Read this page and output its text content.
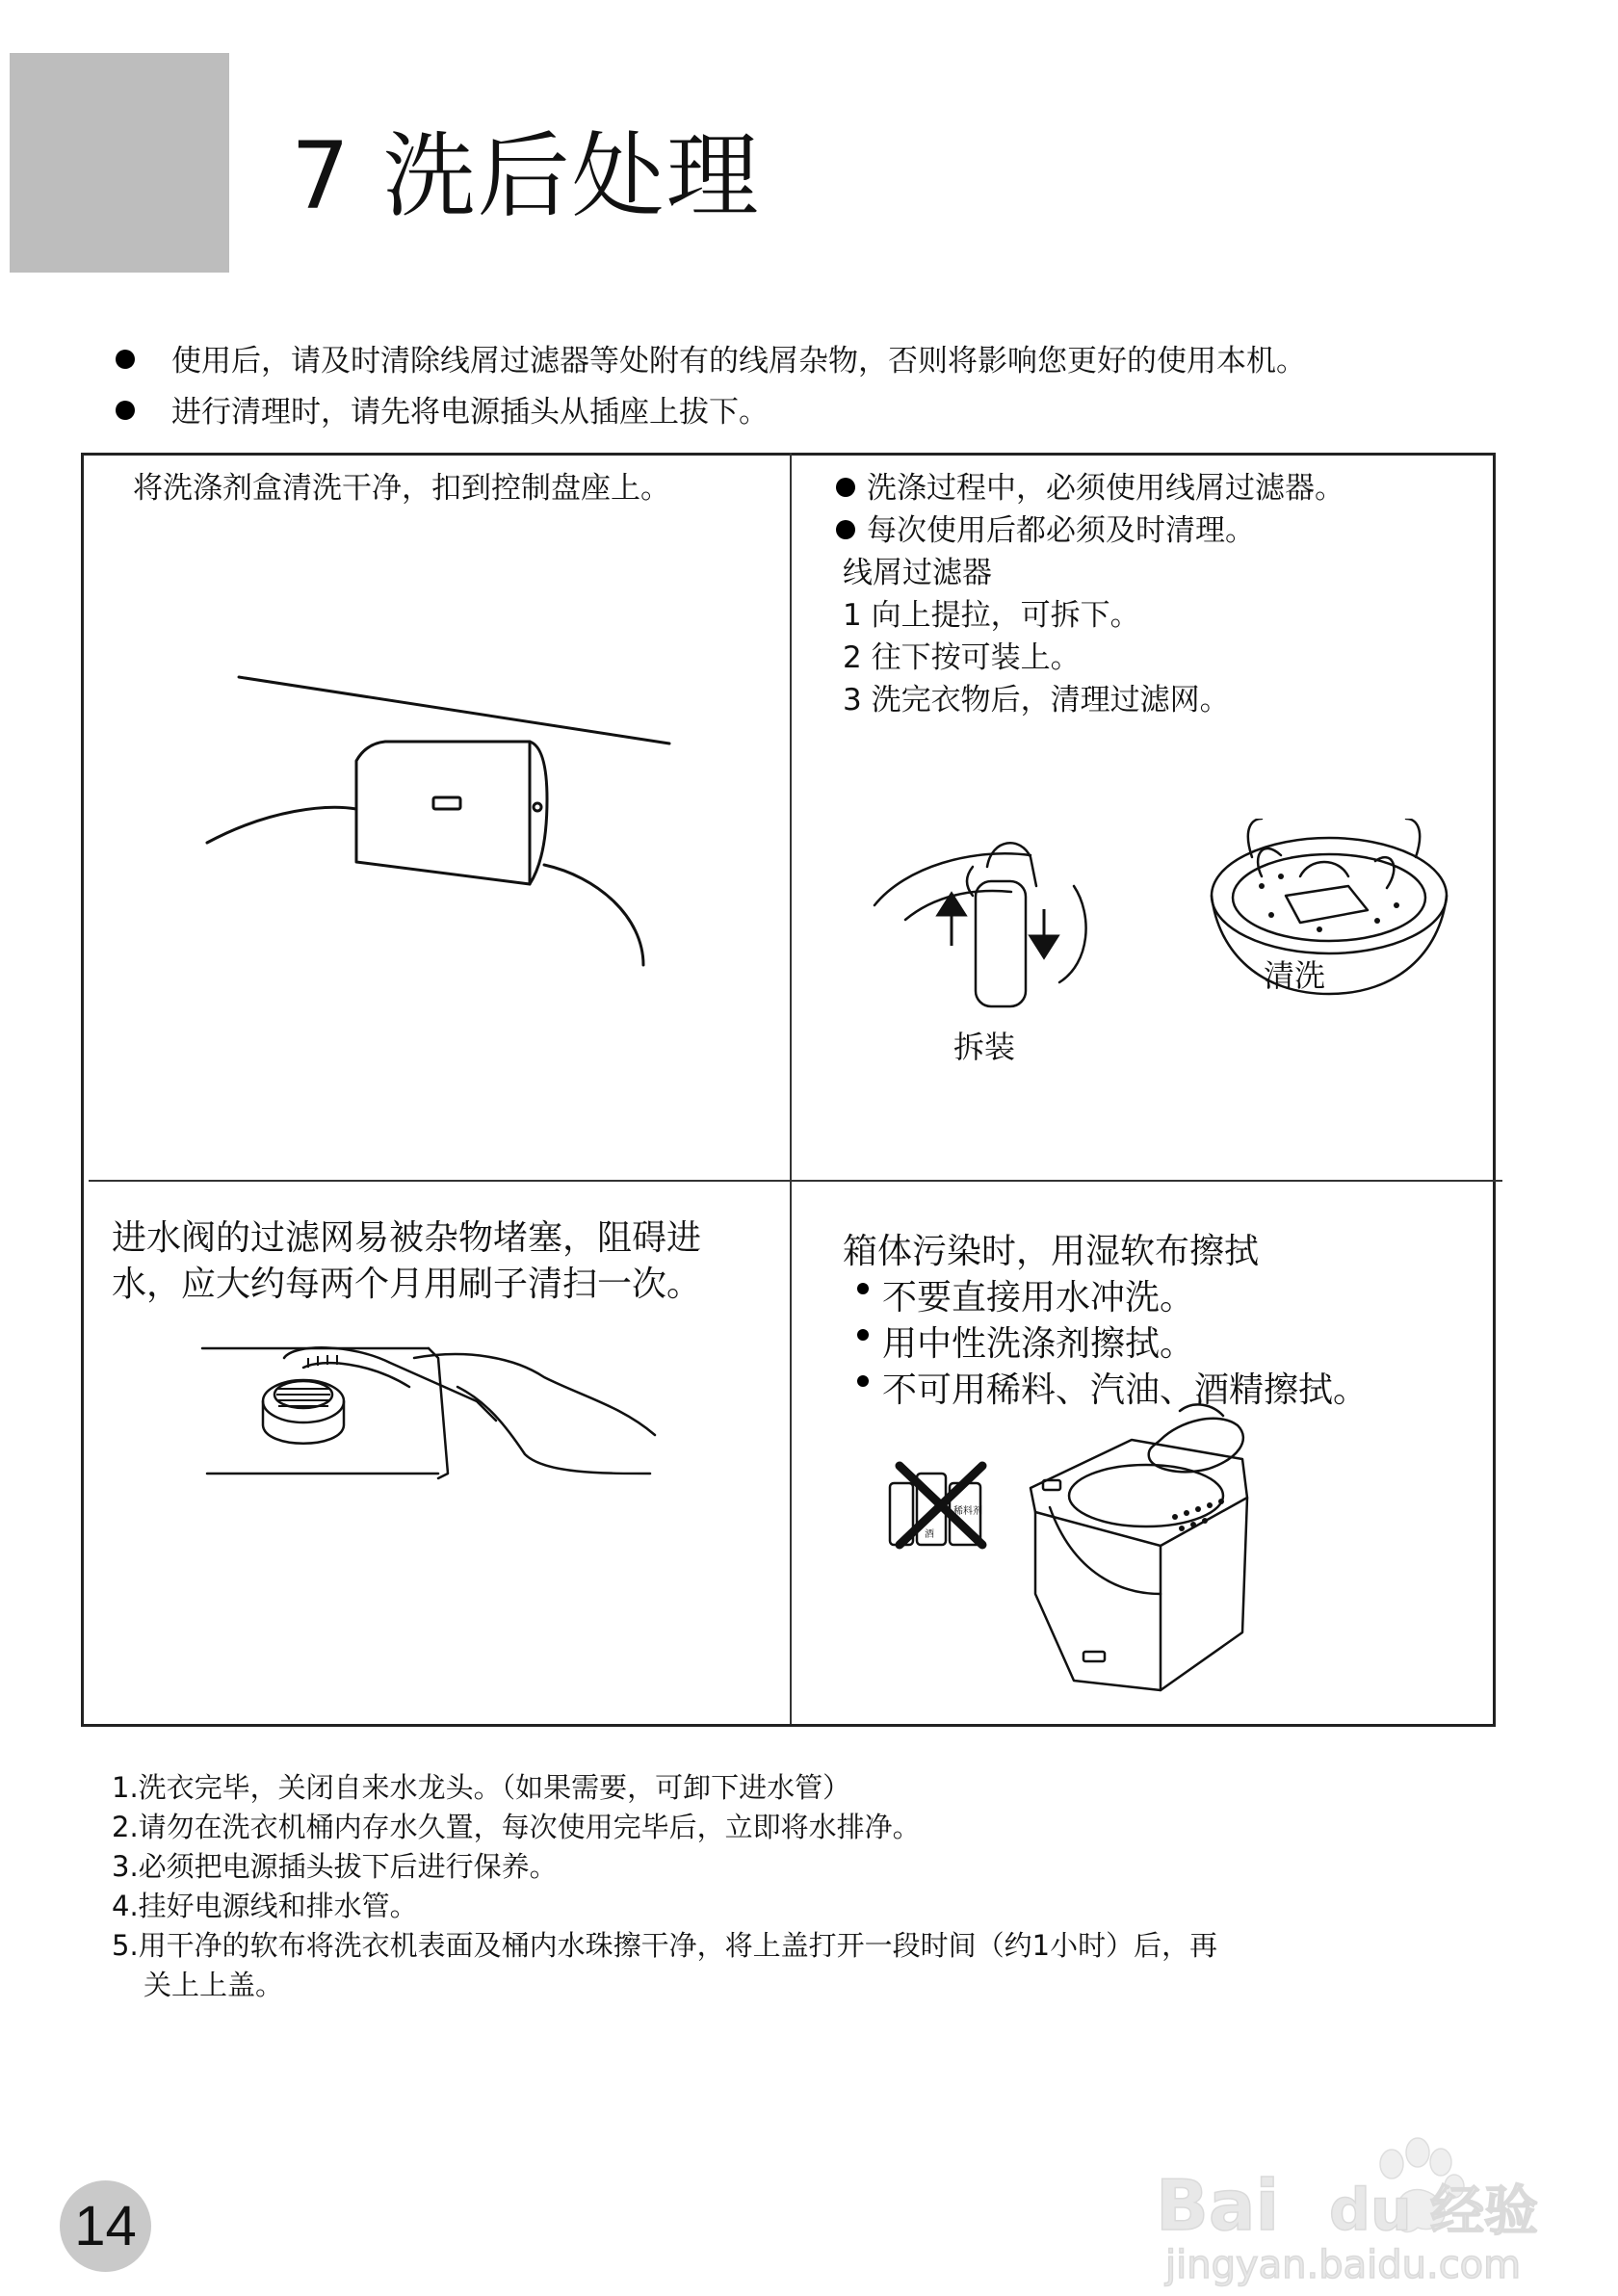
7 洗后处理
使用后，请及时清除线屑过滤器等处附有的线屑杂物，否则将影响您更好的使用本机。
进行清理时，请先将电源插头从插座上拔下。
将洗涤剂盒清洗干净，扣到控制盘座上。	洗涤过程中，必须使用线屑过滤器。
每次使用后都必须及时清理。
线屑过滤器
1 向上提拉，可拆下。
2 往下按可装上。
3 洗完衣物后，清理过滤网。
拆装
清洗
进水阀的过滤网易被杂物堵塞，阻碍进
水，应大约每两个月用刷子清扫一次。
箱体污染时，用湿软布擦拭
不要直接用水冲洗。
用中性洗涤剂擦拭。
不可用稀料、汽油、酒精擦拭。
稀料剂
酒
1.洗衣完毕，关闭自来水龙头。（如果需要，可卸下进水管）
2.请勿在洗衣机桶内存水久置，每次使用完毕后，立即将水排净。
3.必须把电源插头拔下后进行保养。
4.挂好电源线和排水管。
5.用干净的软布将洗衣机表面及桶内水珠擦干净，将上盖打开一段时间（约1小时）后，再
关上上盖。
14	Bai du 经验
jingyan.baidu.com
